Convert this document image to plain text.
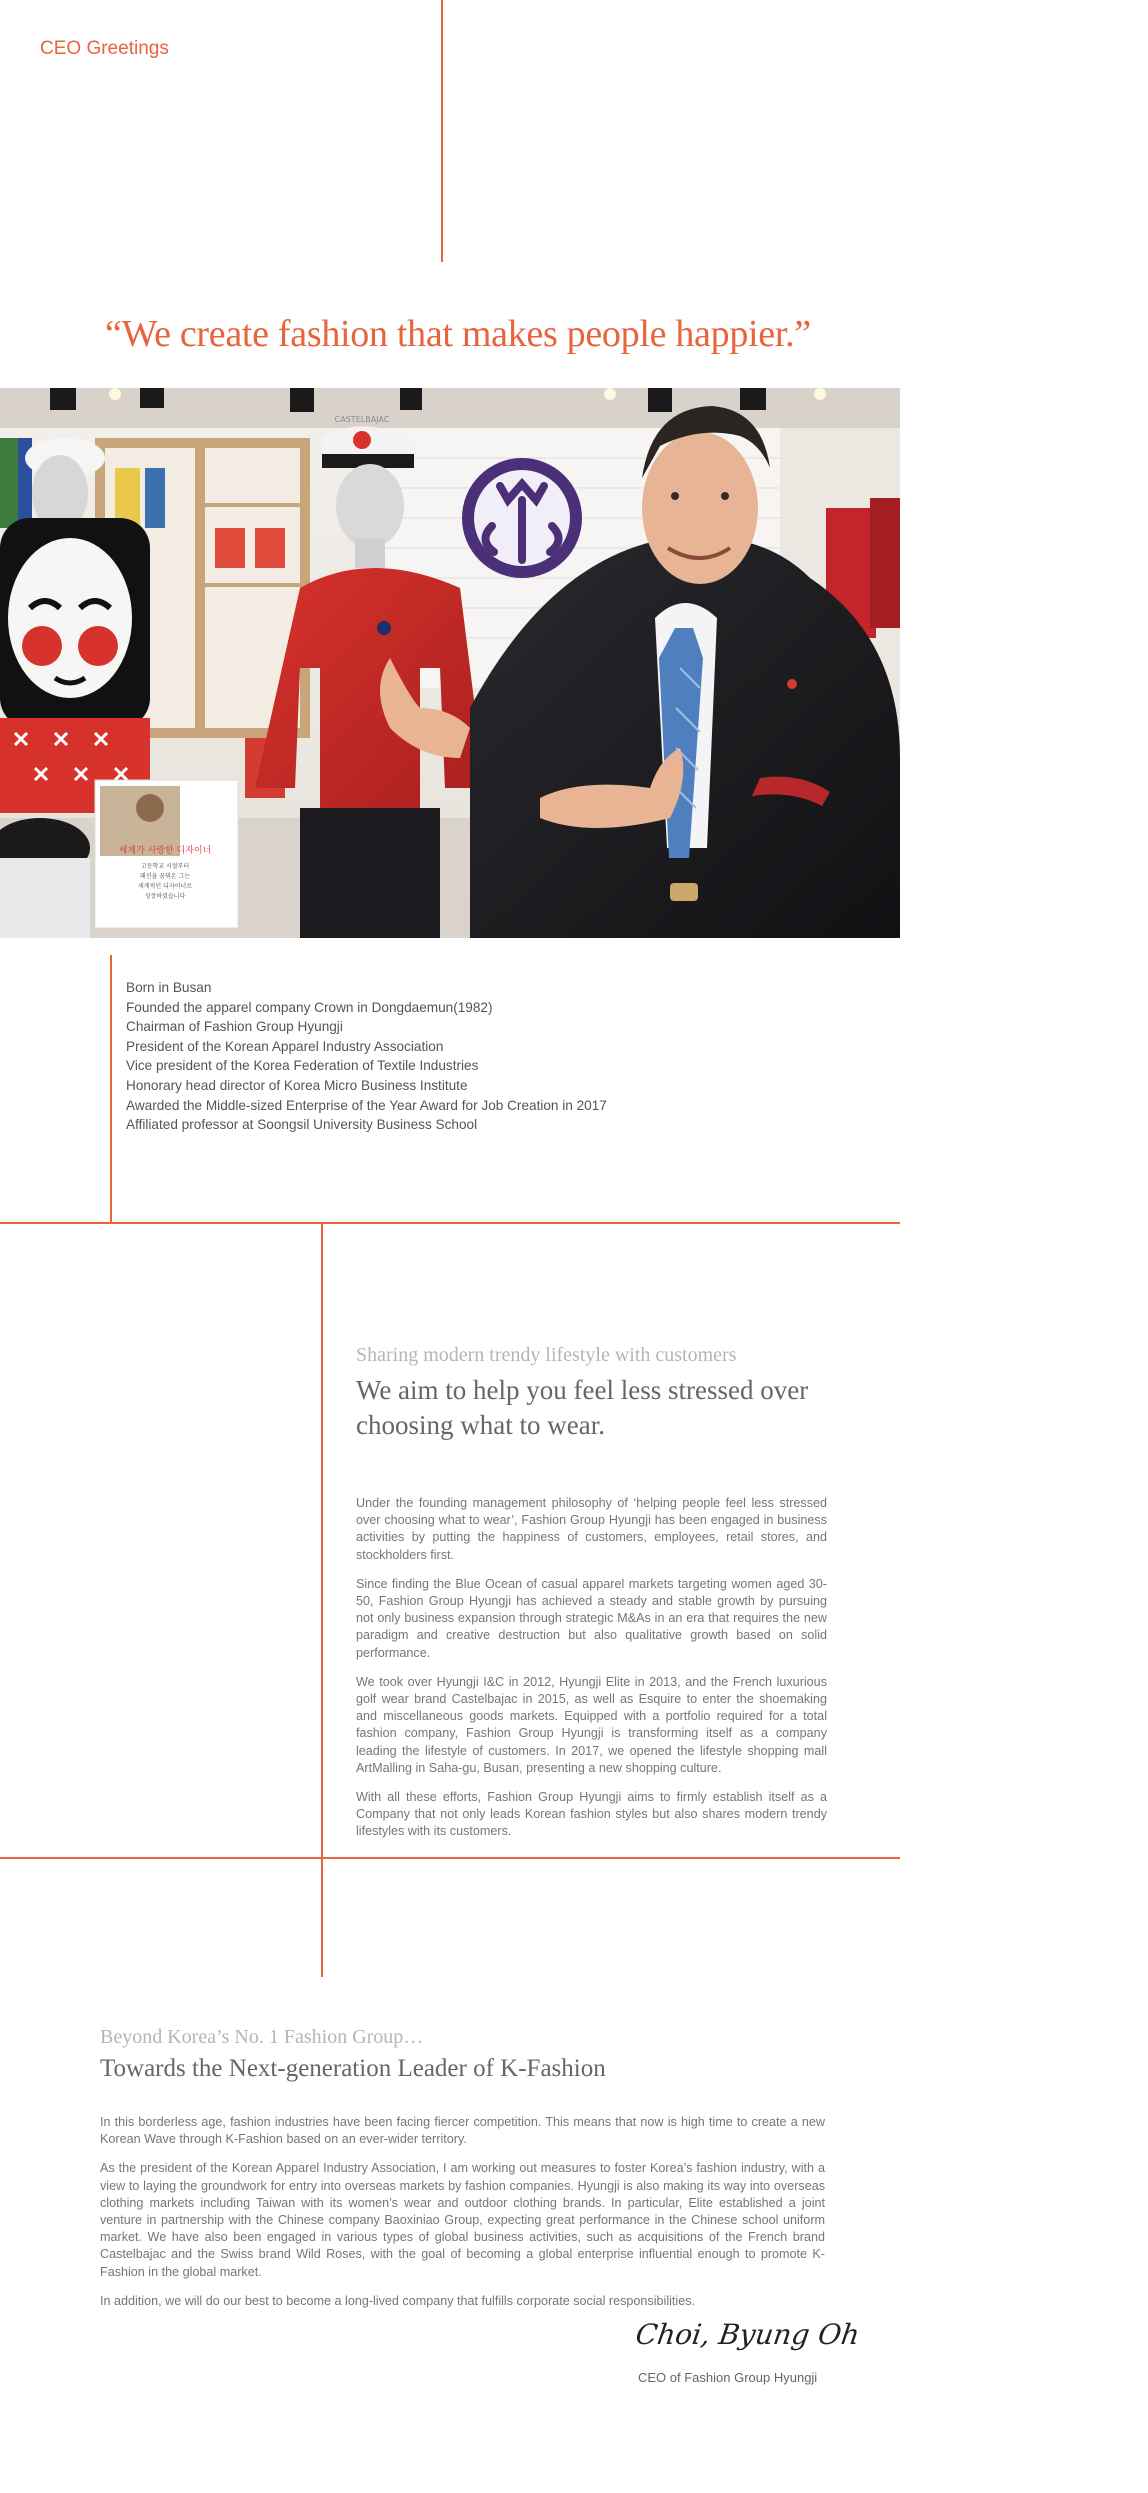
CEO Greetings
“We create fashion that makes people happier.”
세계가 사랑한 디자이너
고등학교 시절부터
패션을 꿈꿔온 그는
세계적인 디자이너로
성장하였습니다
CASTELBAJAC
Born in Busan
Founded the apparel company Crown in Dongdaemun(1982)
Chairman of Fashion Group Hyungji
President of the Korean Apparel Industry Association
Vice president of the Korea Federation of Textile Industries
Honorary head director of Korea Micro Business Institute
Awarded the Middle-sized Enterprise of the Year Award for Job Creation in 2017
Affiliated professor at Soongsil University Business School
Sharing modern trendy lifestyle with customers
We aim to help you feel less stressed over
choosing what to wear.

Under the founding management philosophy of ‘helping people feel less stressed over choosing what to wear’, Fashion Group Hyungji has been engaged in business activities by putting the happiness of customers, employees, retail stores, and stockholders first.

Since finding the Blue Ocean of casual apparel markets targeting women aged 30-50, Fashion Group Hyungji has achieved a steady and stable growth by pursuing not only business expansion through strategic M&As in an era that requires the new paradigm and creative destruction but also qualitative growth based on solid performance.

We took over Hyungji I&C in 2012, Hyungji Elite in 2013, and the French luxurious golf wear brand Castelbajac in 2015, as well as Esquire to enter the shoemaking and miscellaneous goods markets. Equipped with a portfolio required for a total fashion company, Fashion Group Hyungji is transforming itself as a company leading the lifestyle of customers. In 2017, we opened the lifestyle shopping mall ArtMalling in Saha-gu, Busan, presenting a new shopping culture.

With all these efforts, Fashion Group Hyungji aims to firmly establish itself as a Company that not only leads Korean fashion styles but also shares modern trendy lifestyles with its customers.

Beyond Korea’s No. 1 Fashion Group…
Towards the Next-generation Leader of K-Fashion

In this borderless age, fashion industries have been facing fiercer competition. This means that now is high time to create a new Korean Wave through K-Fashion based on an ever-wider territory.

As the president of the Korean Apparel Industry Association, I am working out measures to foster Korea’s fashion industry, with a view to laying the groundwork for entry into overseas markets by fashion companies. Hyungji is also making its way into overseas clothing markets including Taiwan with its women’s wear and outdoor clothing brands. In particular, Elite established a joint venture in partnership with the Chinese company Baoxiniao Group, expecting great performance in the Chinese school uniform market. We have also been engaged in various types of global business activities, such as acquisitions of the French brand Castelbajac and the Swiss brand Wild Roses, with the goal of becoming a global enterprise influential enough to promote K-Fashion in the global market.

In addition, we will do our best to become a long-lived company that fulfills corporate social responsibilities.

Choi, Byung Oh
CEO of Fashion Group Hyungji
